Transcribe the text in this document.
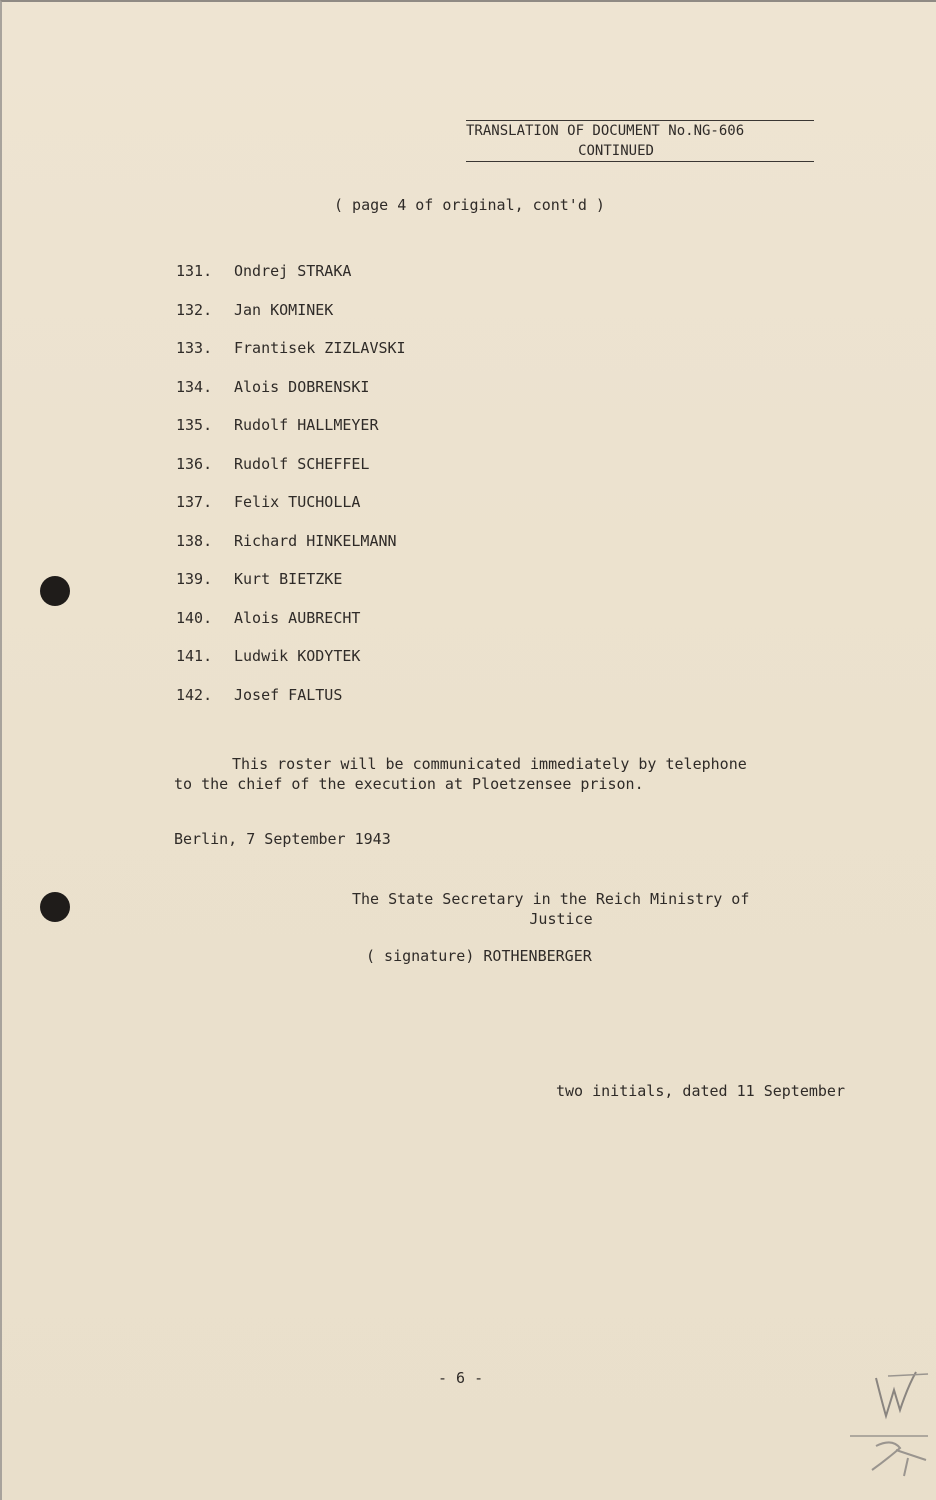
TRANSLATION OF DOCUMENT No.NG-606
CONTINUED
( page 4 of original, cont'd )
131.	Ondrej STRAKA
132.	Jan KOMINEK
133.	Frantisek ZIZLAVSKI
134.	Alois DOBRENSKI
135.	Rudolf HALLMEYER
136.	Rudolf SCHEFFEL
137.	Felix TUCHOLLA
138.	Richard HINKELMANN
139.	Kurt BIETZKE
140.	Alois AUBRECHT
141.	Ludwik KODYTEK
142.	Josef FALTUS
This roster will be communicated immediately by telephone
to the chief of the execution at Ploetzensee prison.
Berlin, 7 September 1943
The State Secretary in the Reich Ministry of
Justice
( signature) ROTHENBERGER
two initials, dated 11 September
- 6 -
